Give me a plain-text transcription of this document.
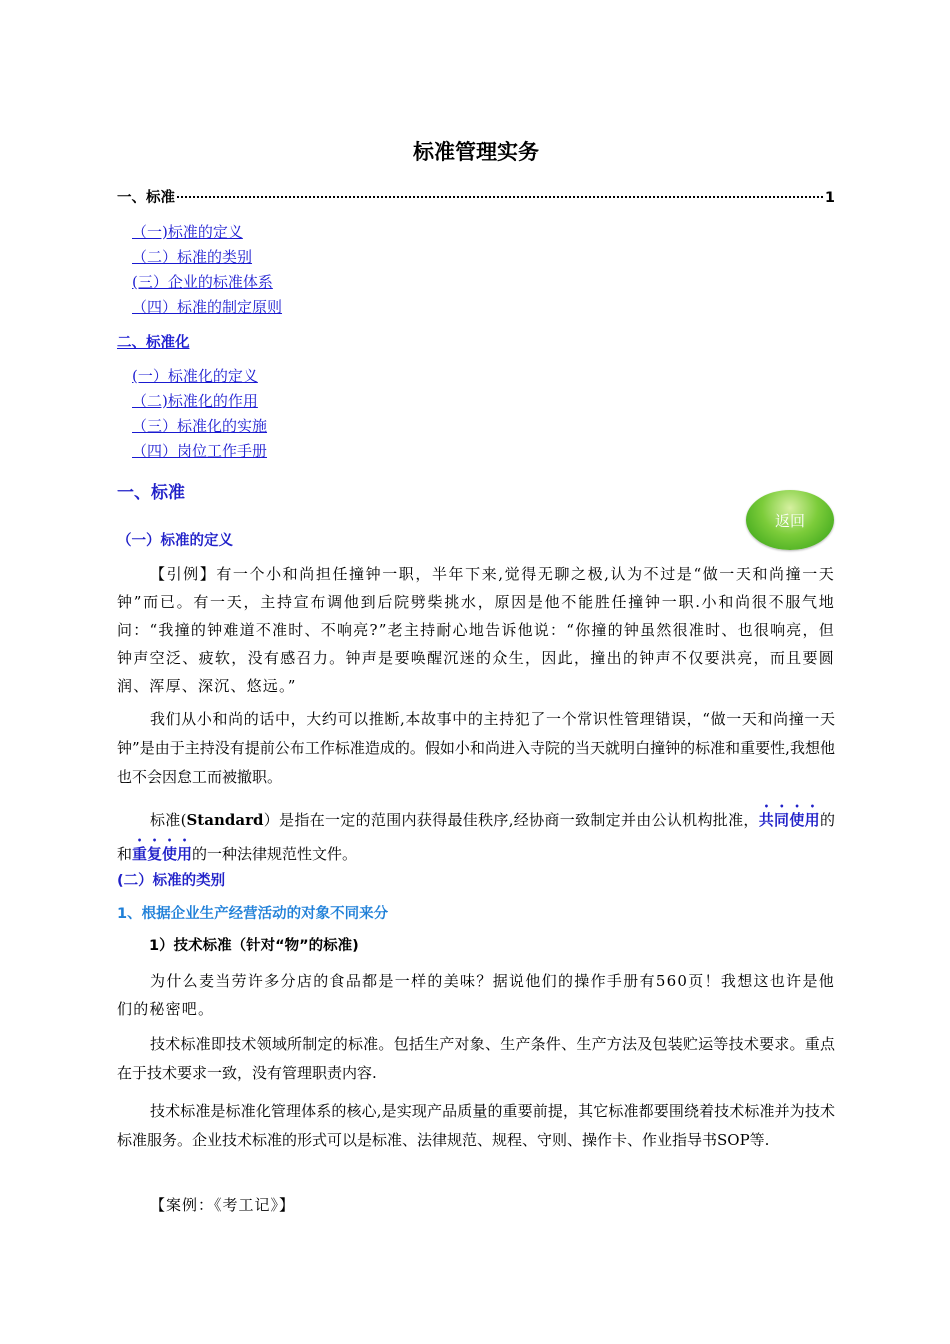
标准管理实务
一、标准	1
（一)标准的定义
（二）标准的类别
(三）企业的标准体系
（四）标准的制定原则
二、标准化
(一）标准化的定义
（二)标准化的作用
（三）标准化的实施
（四）岗位工作手册
一、标准
（一）标准的定义

【引例】有一个小和尚担任撞钟一职，半年下来,觉得无聊之极,认为不过是“做一天和尚撞一天钟”而已。有一天，主持宣布调他到后院劈柴挑水，原因是他不能胜任撞钟一职.小和尚很不服气地问：“我撞的钟难道不准时、不响亮?”老主持耐心地告诉他说：“你撞的钟虽然很准时、也很响亮，但钟声空泛、疲软，没有感召力。钟声是要唤醒沉迷的众生，因此，撞出的钟声不仅要洪亮，而且要圆润、浑厚、深沉、悠远。”

我们从小和尚的话中，大约可以推断,本故事中的主持犯了一个常识性管理错误，“做一天和尚撞一天钟”是由于主持没有提前公布工作标准造成的。假如小和尚进入寺院的当天就明白撞钟的标准和重要性,我想他也不会因怠工而被撤职。

标准(Standard）是指在一定的范围内获得最佳秩序,经协商一致制定并由公认机构批准，共同使用的和重复使用的一种法律规范性文件。

(二）标准的类别
1、根据企业生产经营活动的对象不同来分
1）技术标准（针对“物”的标准)

为什么麦当劳许多分店的食品都是一样的美味？据说他们的操作手册有560页！我想这也许是他们的秘密吧。

技术标准即技术领域所制定的标准。包括生产对象、生产条件、生产方法及包装贮运等技术要求。重点在于技术要求一致，没有管理职责内容.

技术标准是标准化管理体系的核心,是实现产品质量的重要前提，其它标准都要围绕着技术标准并为技术标准服务。企业技术标准的形式可以是标准、法律规范、规程、守则、操作卡、作业指导书SOP等.

【案例：《考工记》】
返回
